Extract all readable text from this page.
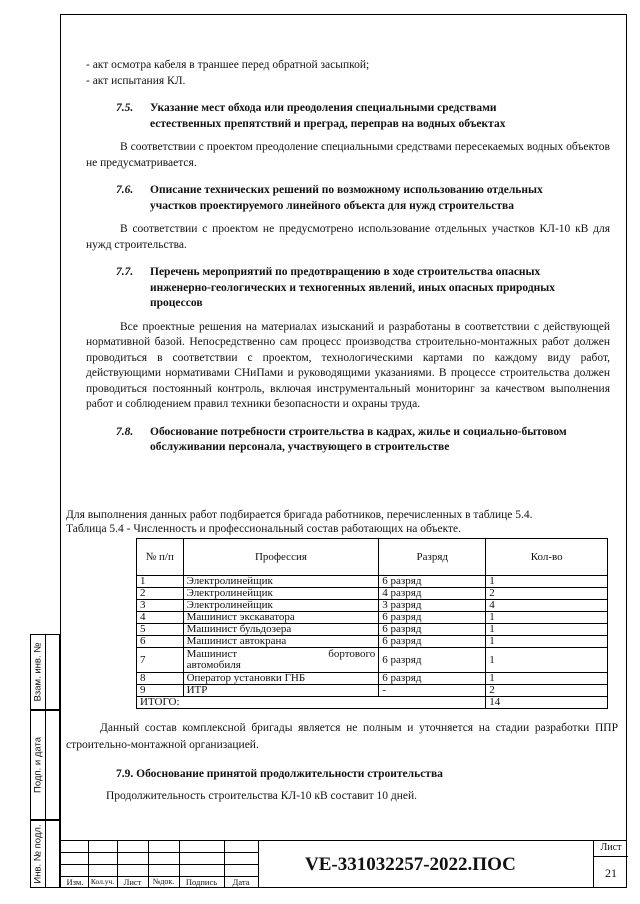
- акт осмотра кабеля в траншее перед обратной засыпкой;

- акт испытания КЛ.

7.5.	Указание мест обхода или преодоления специальными средствами естественных препятствий и преград, переправ на водных объектах

В соответствии с проектом преодоление специальными средствами пересекаемых водных объектов не предусматривается.

7.6.	Описание технических решений по возможному использованию отдельных участков проектируемого линейного объекта для нужд строительства

В соответствии с проектом не предусмотрено использование отдельных участков КЛ-10 кВ для нужд строительства.

7.7.	Перечень мероприятий по предотвращению в ходе строительства опасных инженерно-геологических и техногенных явлений, иных опасных природных процессов

Все проектные решения на материалах изысканий и разработаны в соответствии с действующей нормативной базой. Непосредственно сам процесс производства строительно-монтажных работ должен проводиться в соответствии с проектом, технологическими картами по каждому виду работ, действующими нормативами СНиПами и руководящими указаниями. В процессе строительства должен проводиться постоянный контроль, включая инструментальный мониторинг за качеством выполнения работ и соблюдением правил техники безопасности и охраны труда.

7.8.	Обоснование потребности строительства в кадрах, жилье и социально-бытовом обслуживании персонала, участвующего в строительстве

Для выполнения данных работ подбирается бригада работников, перечисленных в таблице 5.4.

Таблица 5.4 - Численность и профессиональный состав работающих на объекте.

№ п/п	Профессия	Разряд	Кол-во
1	Электролинейщик	6 разряд	1
2	Электролинейщик	4 разряд	2
3	Электролинейщик	3 разряд	4
4	Машинист экскаватора	6 разряд	1
5	Машинист бульдозера	6 разряд	1
6	Машинист автокрана	6 разряд	1
7	Машинист бортового
автомобиля	6 разряд	1
8	Оператор установки ГНБ	6 разряд	1
9	ИТР	-	2
ИТОГО:			14

Данный состав комплексной бригады является не полным и уточняется на стадии разработки ППР строительно-монтажной организацией.

7.9. Обоснование принятой продолжительности строительства

Продолжительность строительства КЛ-10 кВ составит 10 дней.

Взам. инв. №
Подп. и дата
Инв. № подл.	Изм. Кол.уч.	Лист	№док.	Подпись	Дата
VE-331032257-2022.ПОС
Лист
21
